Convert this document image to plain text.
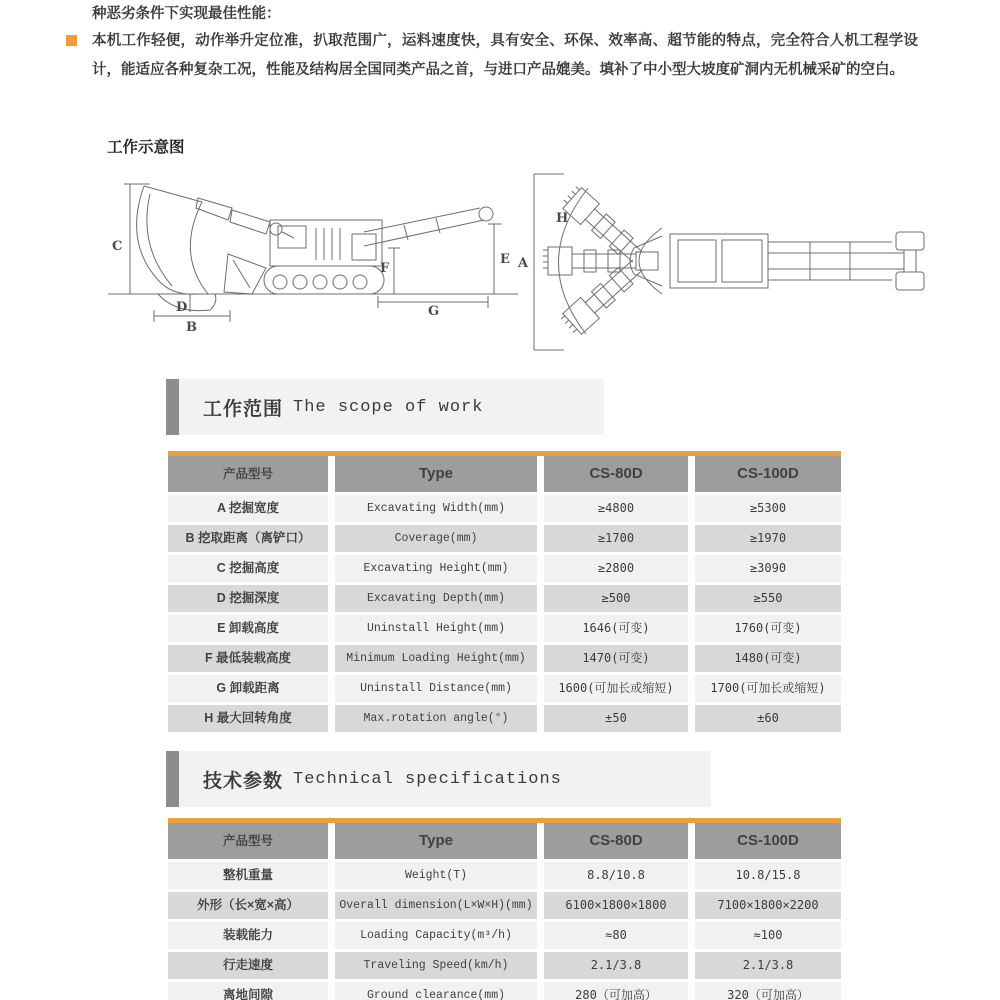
种恶劣条件下实现最佳性能：

本机工作轻便，动作举升定位准，扒取范围广，运料速度快，具有安全、环保、效率高、超节能的特点，完全符合人机工程学设计，能适应各种复杂工况，性能及结构居全国同类产品之首，与进口产品媲美。填补了中小型大坡度矿洞内无机械采矿的空白。

工作示意图
C
D
B
F
G
E
H
A
工作范围 The scope of work
产品型号	Type	CS-80D	CS-100D
A 挖掘宽度	Excavating Width(mm)	≥4800	≥5300
B 挖取距离（离铲口）	Coverage(mm)	≥1700	≥1970
C 挖掘高度	Excavating Height(mm)	≥2800	≥3090
D 挖掘深度	Excavating Depth(mm)	≥500	≥550
E 卸载高度	Uninstall Height(mm)	1646(可变)	1760(可变)
F 最低装载高度	Minimum Loading Height(mm)	1470(可变)	1480(可变)
G 卸载距离	Uninstall Distance(mm)	1600(可加长或缩短)	1700(可加长或缩短)
H 最大回转角度	Max.rotation angle(°)	±50	±60
技术参数 Technical specifications
产品型号	Type	CS-80D	CS-100D
整机重量	Weight(T)	8.8/10.8	10.8/15.8
外形（长×宽×高）	Overall dimension(L×W×H)(mm)	6100×1800×1800	7100×1800×2200
装载能力	Loading Capacity(m³/h)	≈80	≈100
行走速度	Traveling Speed(km/h)	2.1/3.8	2.1/3.8
离地间隙	Ground clearance(mm)	280（可加高）	320（可加高）
